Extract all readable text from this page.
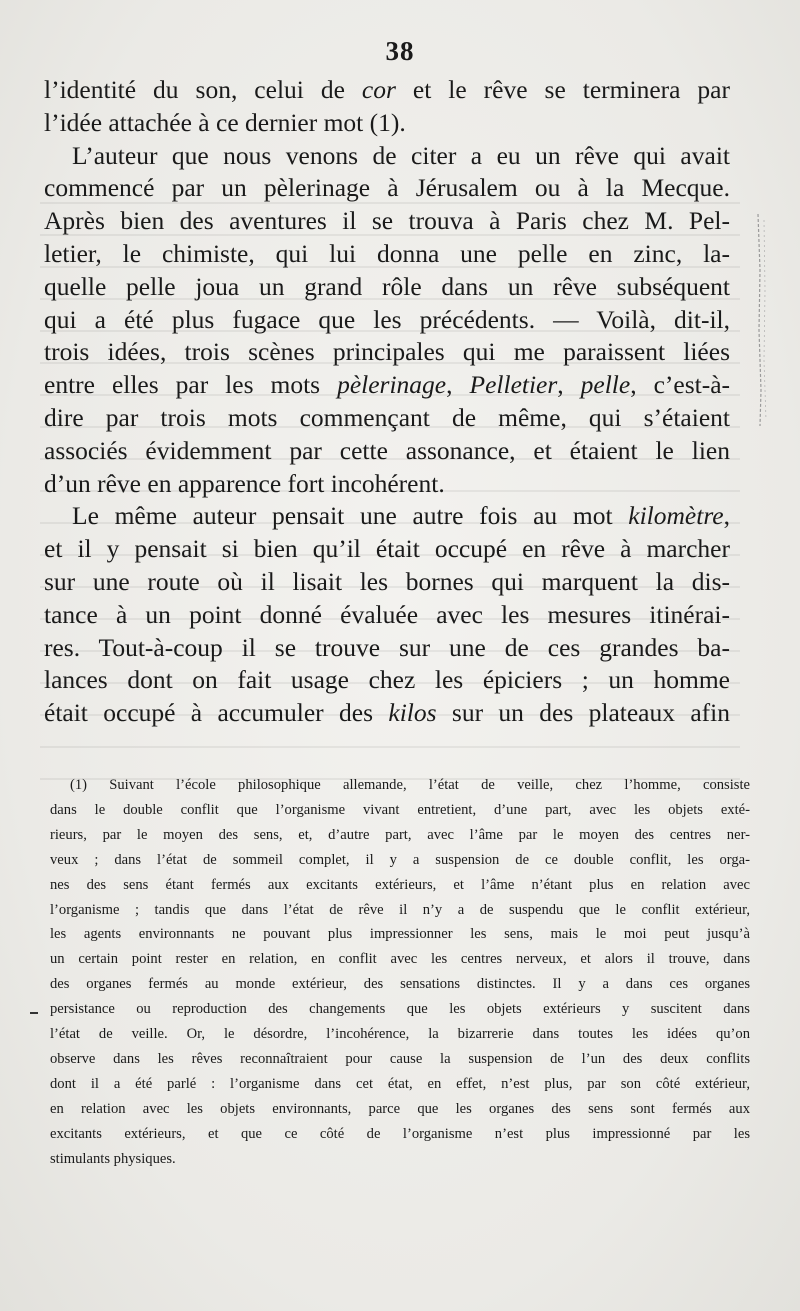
38
l’identité du son, celui de cor et le rêve se terminera par
l’idée attachée à ce dernier mot (1).
L’auteur que nous venons de citer a eu un rêve qui avait
commencé par un pèlerinage à Jérusalem ou à la Mecque.
Après bien des aventures il se trouva à Paris chez M. Pel-
letier, le chimiste, qui lui donna une pelle en zinc, la-
quelle pelle joua un grand rôle dans un rêve subséquent
qui a été plus fugace que les précédents. — Voilà, dit-il,
trois idées, trois scènes principales qui me paraissent liées
entre elles par les mots pèlerinage, Pelletier, pelle, c’est-à-
dire par trois mots commençant de même, qui s’étaient
associés évidemment par cette assonance, et étaient le lien
d’un rêve en apparence fort incohérent.
Le même auteur pensait une autre fois au mot kilomètre,
et il y pensait si bien qu’il était occupé en rêve à marcher
sur une route où il lisait les bornes qui marquent la dis-
tance à un point donné évaluée avec les mesures itinérai-
res. Tout-à-coup il se trouve sur une de ces grandes ba-
lances dont on fait usage chez les épiciers ; un homme
était occupé à accumuler des kilos sur un des plateaux afin
(1) Suivant l’école philosophique allemande, l’état de veille, chez l’homme, consiste
dans le double conflit que l’organisme vivant entretient, d’une part, avec les objets exté-
rieurs, par le moyen des sens, et, d’autre part, avec l’âme par le moyen des centres ner-
veux ; dans l’état de sommeil complet, il y a suspension de ce double conflit, les orga-
nes des sens étant fermés aux excitants extérieurs, et l’âme n’étant plus en relation avec
l’organisme ; tandis que dans l’état de rêve il n’y a de suspendu que le conflit extérieur,
les agents environnants ne pouvant plus impressionner les sens, mais le moi peut jusqu’à
un certain point rester en relation, en conflit avec les centres nerveux, et alors il trouve, dans
des organes fermés au monde extérieur, des sensations distinctes. Il y a dans ces organes
persistance ou reproduction des changements que les objets extérieurs y suscitent dans
l’état de veille. Or, le désordre, l’incohérence, la bizarrerie dans toutes les idées qu’on
observe dans les rêves reconnaîtraient pour cause la suspension de l’un des deux conflits
dont il a été parlé : l’organisme dans cet état, en effet, n’est plus, par son côté extérieur,
en relation avec les objets environnants, parce que les organes des sens sont fermés aux
excitants extérieurs, et que ce côté de l’organisme n’est plus impressionné par les
stimulants physiques.
